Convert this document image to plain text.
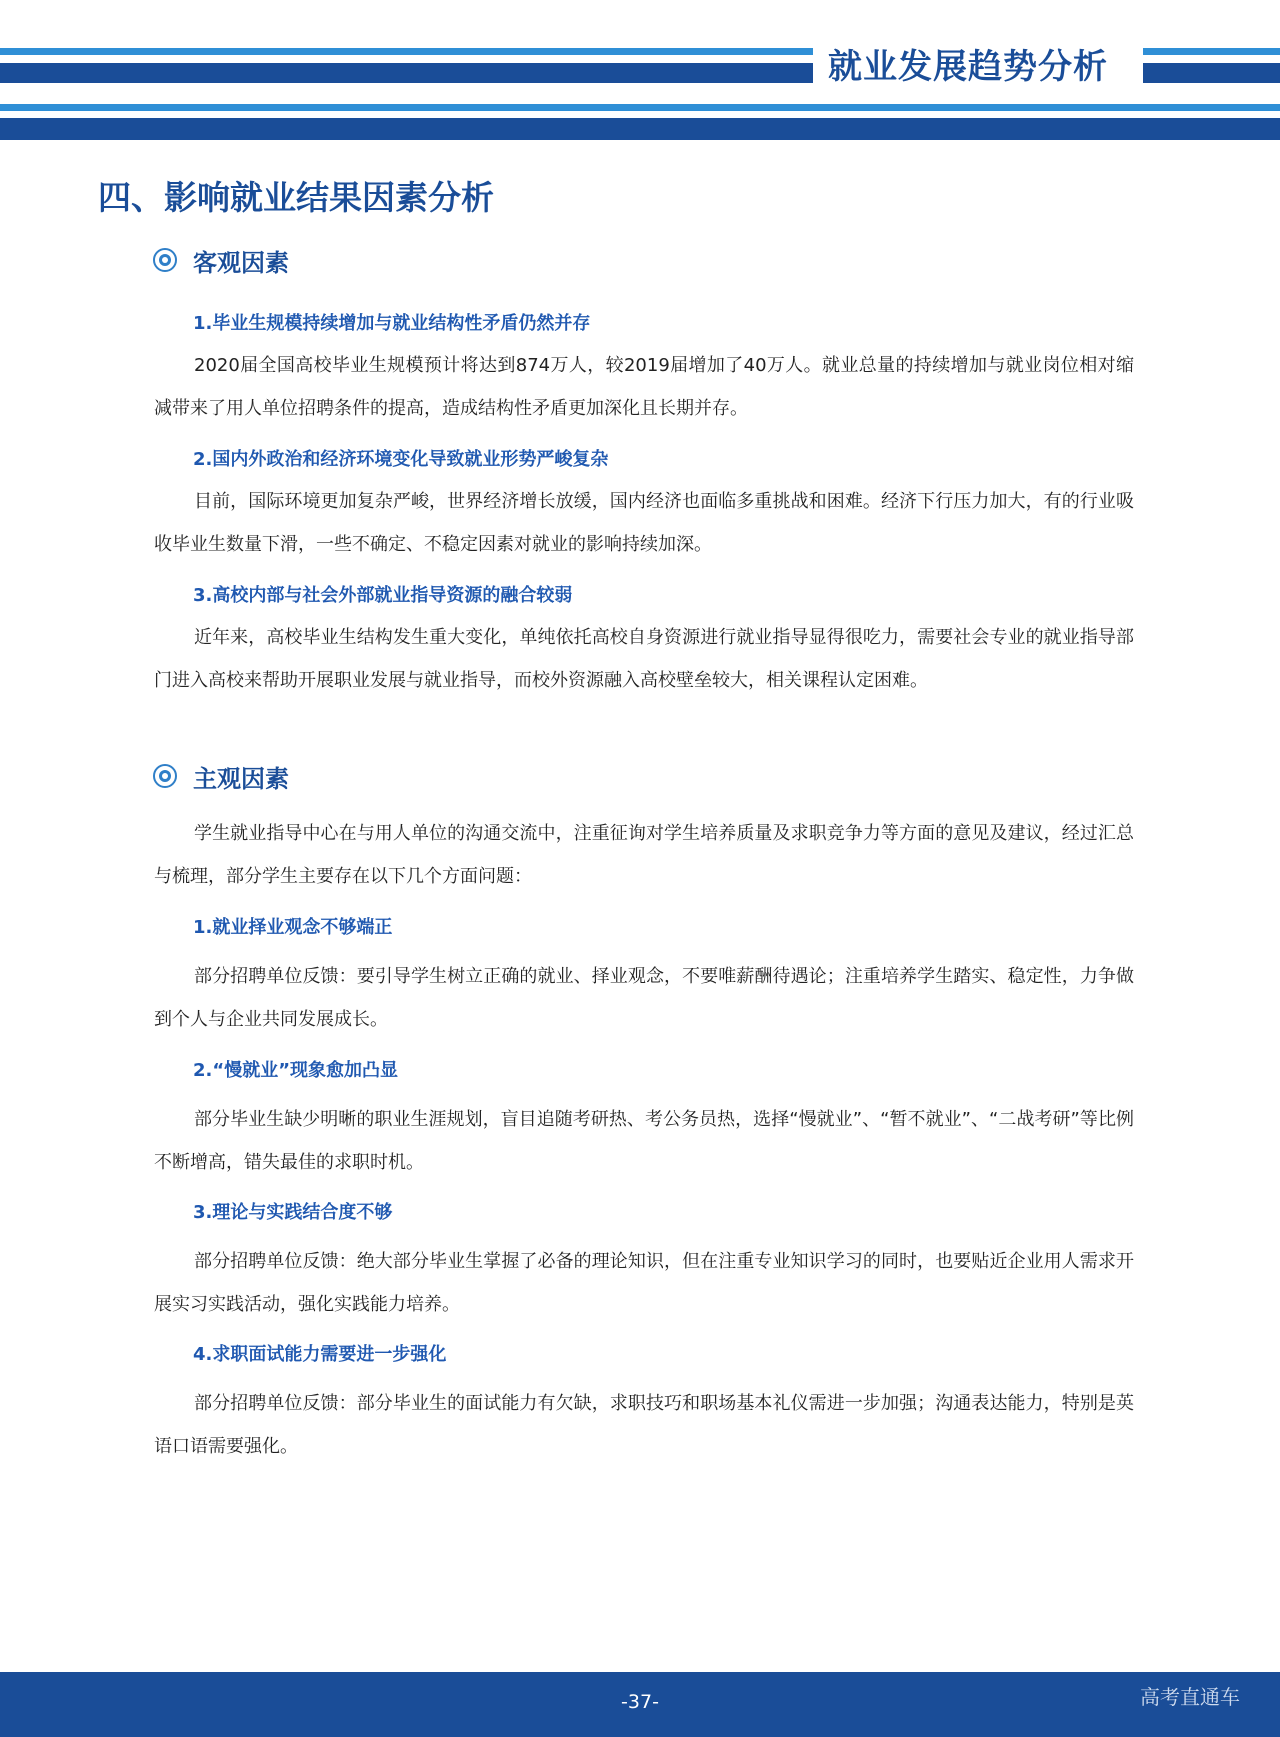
就业发展趋势分析
四、影响就业结果因素分析
客观因素
1.毕业生规模持续增加与就业结构性矛盾仍然并存

2020届全国高校毕业生规模预计将达到874万人，较2019届增加了40万人。就业总量的持续增加与就业岗位相对缩减带来了用人单位招聘条件的提高，造成结构性矛盾更加深化且长期并存。

2.国内外政治和经济环境变化导致就业形势严峻复杂

目前，国际环境更加复杂严峻，世界经济增长放缓，国内经济也面临多重挑战和困难。经济下行压力加大，有的行业吸收毕业生数量下滑，一些不确定、不稳定因素对就业的影响持续加深。

3.高校内部与社会外部就业指导资源的融合较弱

近年来，高校毕业生结构发生重大变化，单纯依托高校自身资源进行就业指导显得很吃力，需要社会专业的就业指导部门进入高校来帮助开展职业发展与就业指导，而校外资源融入高校壁垒较大，相关课程认定困难。

主观因素

学生就业指导中心在与用人单位的沟通交流中，注重征询对学生培养质量及求职竞争力等方面的意见及建议，经过汇总与梳理，部分学生主要存在以下几个方面问题：

1.就业择业观念不够端正

部分招聘单位反馈：要引导学生树立正确的就业、择业观念，不要唯薪酬待遇论；注重培养学生踏实、稳定性，力争做到个人与企业共同发展成长。

2.“慢就业”现象愈加凸显

部分毕业生缺少明晰的职业生涯规划，盲目追随考研热、考公务员热，选择“慢就业”、“暂不就业”、“二战考研”等比例不断增高，错失最佳的求职时机。

3.理论与实践结合度不够

部分招聘单位反馈：绝大部分毕业生掌握了必备的理论知识，但在注重专业知识学习的同时，也要贴近企业用人需求开展实习实践活动，强化实践能力培养。

4.求职面试能力需要进一步强化

部分招聘单位反馈：部分毕业生的面试能力有欠缺，求职技巧和职场基本礼仪需进一步加强；沟通表达能力，特别是英语口语需要强化。

-37-	高考直通车
